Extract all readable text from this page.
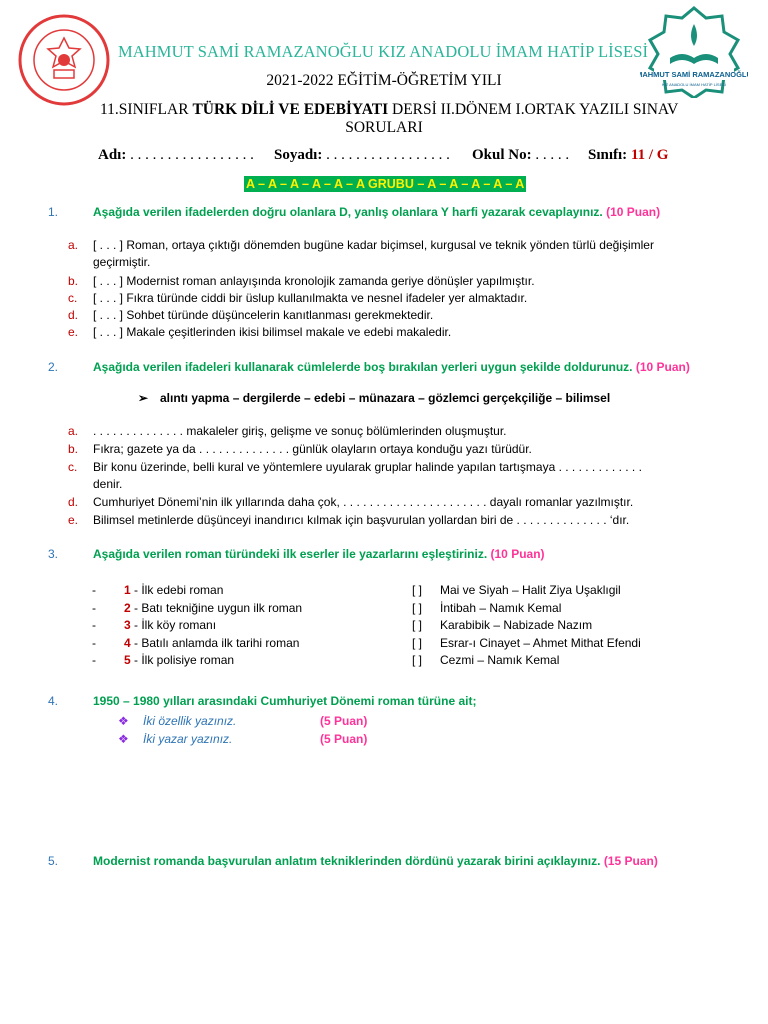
MAHMUT SAMİ RAMAZANOĞLU
KIZ ANADOLU İMAM HATİP LİSESİ
MAHMUT SAMİ RAMAZANOĞLU KIZ ANADOLU İMAM HATİP LİSESİ
2021-2022 EĞİTİM-ÖĞRETİM YILI
11.SINIFLAR TÜRK DİLİ VE EDEBİYATI DERSİ II.DÖNEM I.ORTAK YAZILI SINAV
SORULARI
Adı: . . . . . . . . . . . . . . . . . Soyadı: . . . . . . . . . . . . . . . . . Okul No: . . . . . Sınıfı: 11 / G
A – A – A – A – A – A GRUBU – A – A – A – A – A
1.	Aşağıda verilen ifadelerden doğru olanlara D, yanlış olanlara Y harfi yazarak cevaplayınız. (10 Puan)
a. [ . . . ] Roman, ortaya çıktığı dönemden bugüne kadar biçimsel, kurgusal ve teknik yönden türlü değişimler
geçirmiştir.
b. [ . . . ] Modernist roman anlayışında kronolojik zamanda geriye dönüşler yapılmıştır.
c. [ . . . ] Fıkra türünde ciddi bir üslup kullanılmakta ve nesnel ifadeler yer almaktadır.
d. [ . . . ] Sohbet türünde düşüncelerin kanıtlanması gerekmektedir.
e. [ . . . ] Makale çeşitlerinden ikisi bilimsel makale ve edebi makaledir.
2.	Aşağıda verilen ifadeleri kullanarak cümlelerde boş bırakılan yerleri uygun şekilde doldurunuz. (10 Puan)
➢ alıntı yapma – dergilerde – edebi – münazara – gözlemci gerçekçiliğe – bilimsel
a. . . . . . . . . . . . . . . makaleler giriş, gelişme ve sonuç bölümlerinden oluşmuştur.
b. Fıkra; gazete ya da . . . . . . . . . . . . . . günlük olayların ortaya konduğu yazı türüdür.
c. Bir konu üzerinde, belli kural ve yöntemlere uyularak gruplar halinde yapılan tartışmaya . . . . . . . . . . . . .
denir.
d. Cumhuriyet Dönemi’nin ilk yıllarında daha çok, . . . . . . . . . . . . . . . . . . . . . . dayalı romanlar yazılmıştır.
e. Bilimsel metinlerde düşünceyi inandırıcı kılmak için başvurulan yollardan biri de . . . . . . . . . . . . . . ‘dır.
3.	Aşağıda verilen roman türündeki ilk eserler ile yazarlarını eşleştiriniz. (10 Puan)
- 1 - İlk edebi roman	[ ] Mai ve Siyah – Halit Ziya Uşaklıgil
- 2 - Batı tekniğine uygun ilk roman	[ ] İntibah – Namık Kemal
- 3 - İlk köy romanı	[ ] Karabibik – Nabizade Nazım
- 4 - Batılı anlamda ilk tarihi roman	[ ] Esrar-ı Cinayet – Ahmet Mithat Efendi
- 5 - İlk polisiye roman	[ ] Cezmi – Namık Kemal
4.	1950 – 1980 yılları arasındaki Cumhuriyet Dönemi roman türüne ait;
❖ İki özellik yazınız.	(5 Puan)
❖ İki yazar yazınız.	(5 Puan)
5.	Modernist romanda başvurulan anlatım tekniklerinden dördünü yazarak birini açıklayınız. (15 Puan)
